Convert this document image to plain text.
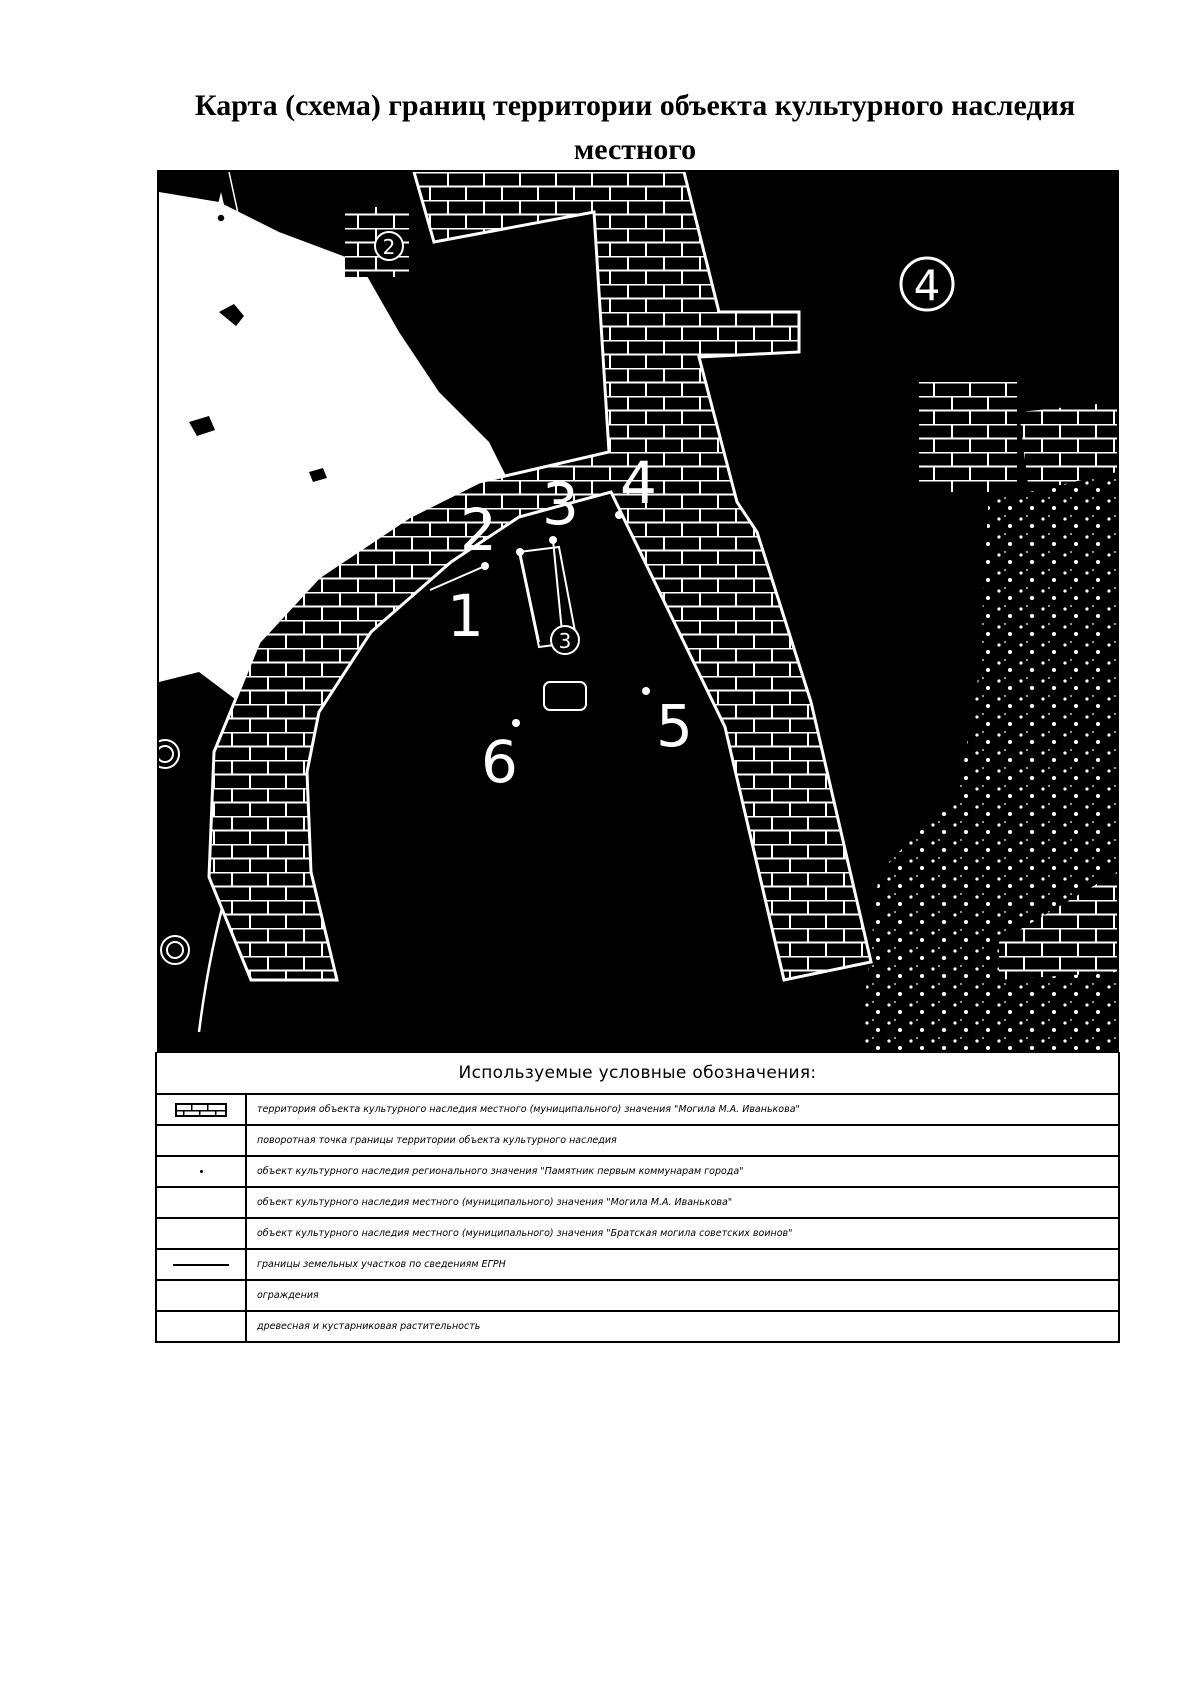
Карта (схема) границ территории объекта культурного наследия местного
2
3
4
1
2 3 4
5
6
Используемые условные обозначения:
территория объекта культурного наследия местного (муниципального) значения "Могила М.А. Иванькова"
поворотная точка границы территории объекта культурного наследия
объект культурного наследия регионального значения "Памятник первым коммунарам города"
объект культурного наследия местного (муниципального) значения "Могила М.А. Иванькова"
объект культурного наследия местного (муниципального) значения "Братская могила советских воинов"
границы земельных участков по сведениям ЕГРН
ограждения
древесная и кустарниковая растительность
